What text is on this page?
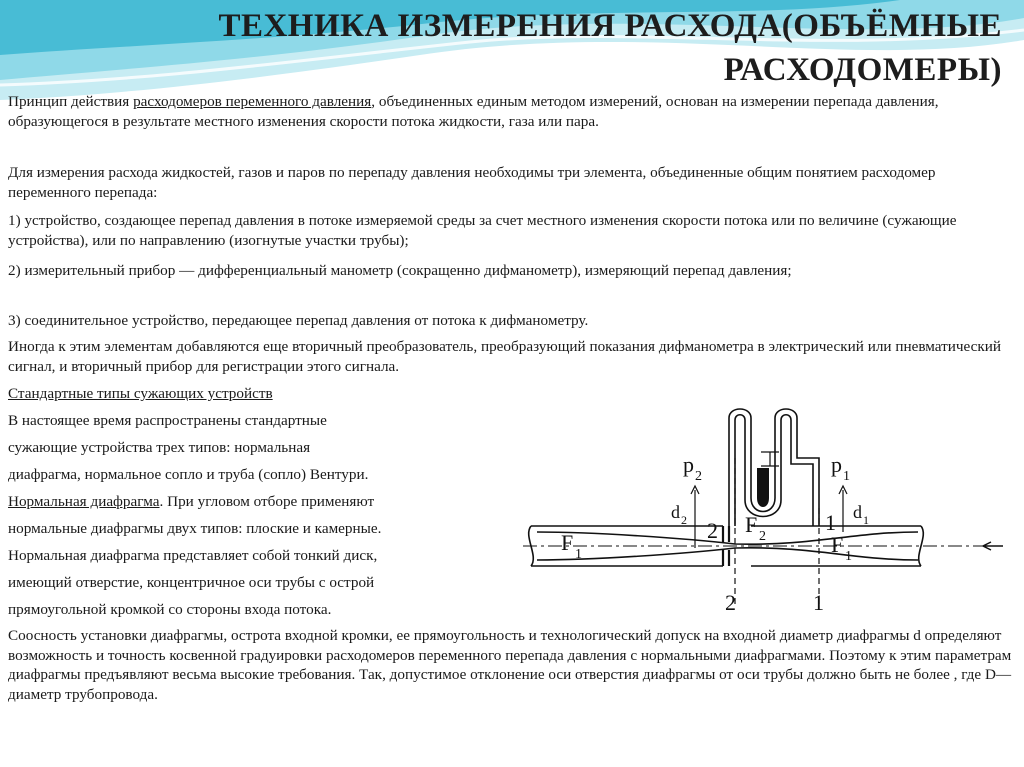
ТЕХНИКА ИЗМЕРЕНИЯ РАСХОДА(ОБЪЁМНЫЕ
РАСХОДОМЕРЫ)

Принцип действия расходомеров переменного давления, объединенных единым методом измерений, основан на измерении перепада давления, образующегося в результате местного изменения скорости потока жидкости, газа или пара.

Для измерения расхода жидкостей, газов и паров по перепаду давления необходимы три элемента, объединенные общим понятием расходомер переменного перепада:

1) устройство, создающее перепад давления в потоке измеряемой среды за счет местного изменения скорости потока или по величине (сужающие устройства), или по направлению (изогнутые участки трубы);

2) измерительный прибор — дифференциальный манометр (сокращенно дифманометр), измеряющий перепад давления;

3) соединительное устройство, передающее перепад давления от потока к дифманометру.

Иногда к этим элементам добавляются еще вторичный преобразователь, преобразующий показания дифманометра в электрический или пневматический сигнал, и вторичный прибор для регистрации этого сигнала.

Стандартные типы сужающих устройств

В настоящее время распространены стандартные

сужающие устройства трех типов: нормальная

диафрагма, нормальное сопло и труба (сопло) Вентури.

Нормальная диафрагма. При угловом отборе применяют

нормальные диафрагмы двух типов: плоские и камерные.

Нормальная диафрагма представляет собой тонкий диск,

имеющий отверстие, концентричное оси трубы с острой

прямоугольной кромкой со стороны входа потока.

Соосность установки диафрагмы, острота входной кромки, ее прямоугольность и технологический допуск на входной диаметр диафрагмы d определяют возможность и точность косвенной градуировки расходомеров переменного перепада давления с нормальными диафрагмами. Поэтому к этим параметрам диафрагмы предъявляют весьма высокие требования. Так, допустимое отклонение оси отверстия диафрагмы от оси трубы должно быть не более , где D—диаметр трубопровода.

p 2	p 1
d 2	d 1
2	1
F 1
F 2	F 1
2	1
